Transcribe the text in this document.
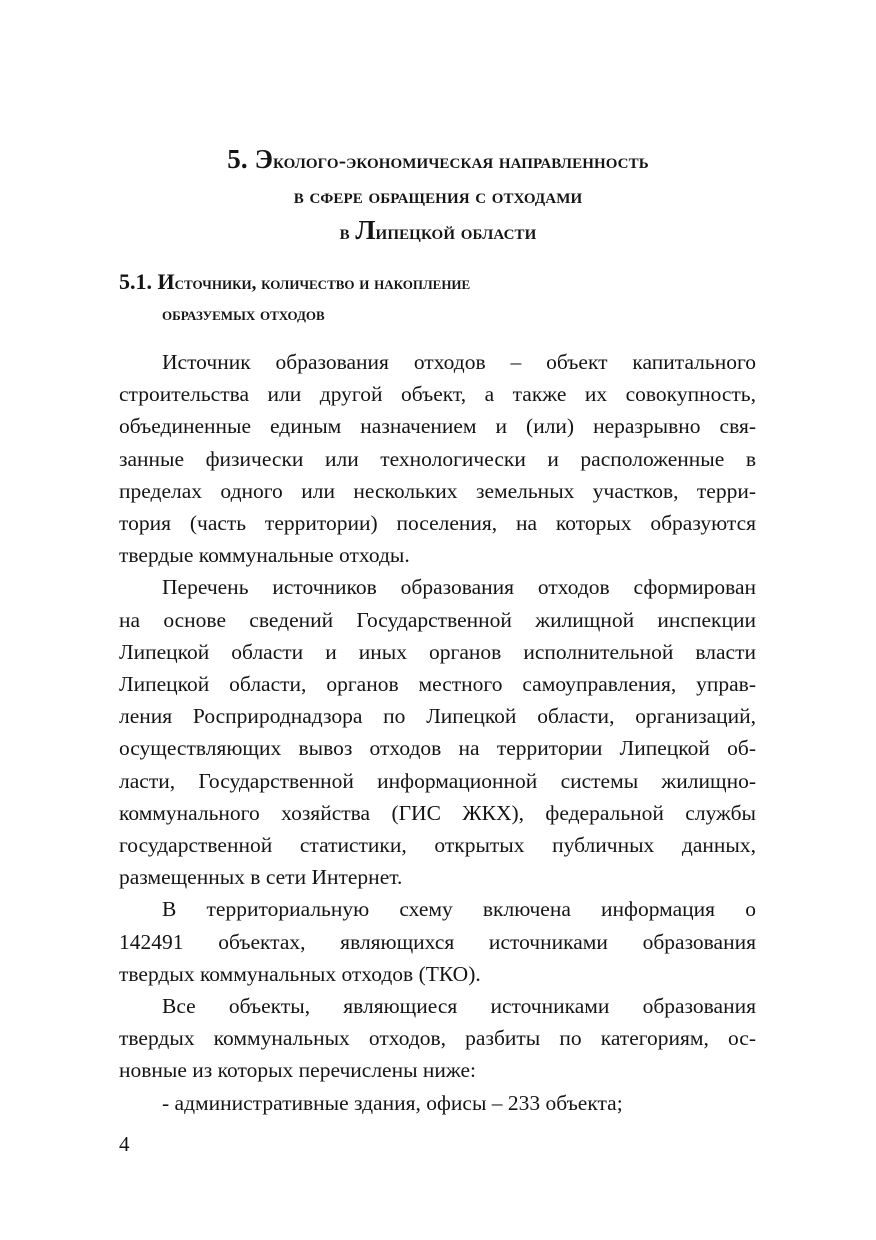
5. Эколого-экономическая направленность
в сфере обращения с отходами
в Липецкой области
5.1. Источники, количество и накопление
образуемых отходов
Источник образования отходов – объект капитального
строительства или другой объект, а также их совокупность,
объединенные единым назначением и (или) неразрывно свя-
занные физически или технологически и расположенные в
пределах одного или нескольких земельных участков, терри-
тория (часть территории) поселения, на которых образуются
твердые коммунальные отходы.
Перечень источников образования отходов сформирован
на основе сведений Государственной жилищной инспекции
Липецкой области и иных органов исполнительной власти
Липецкой области, органов местного самоуправления, управ-
ления Росприроднадзора по Липецкой области, организаций,
осуществляющих вывоз отходов на территории Липецкой об-
ласти, Государственной информационной системы жилищно-
коммунального хозяйства (ГИС ЖКХ), федеральной службы
государственной статистики, открытых публичных данных,
размещенных в сети Интернет.
В территориальную схему включена информация о
142491 объектах, являющихся источниками образования
твердых коммунальных отходов (ТКО).
Все объекты, являющиеся источниками образования
твердых коммунальных отходов, разбиты по категориям, ос-
новные из которых перечислены ниже:
- административные здания, офисы – 233 объекта;
4
